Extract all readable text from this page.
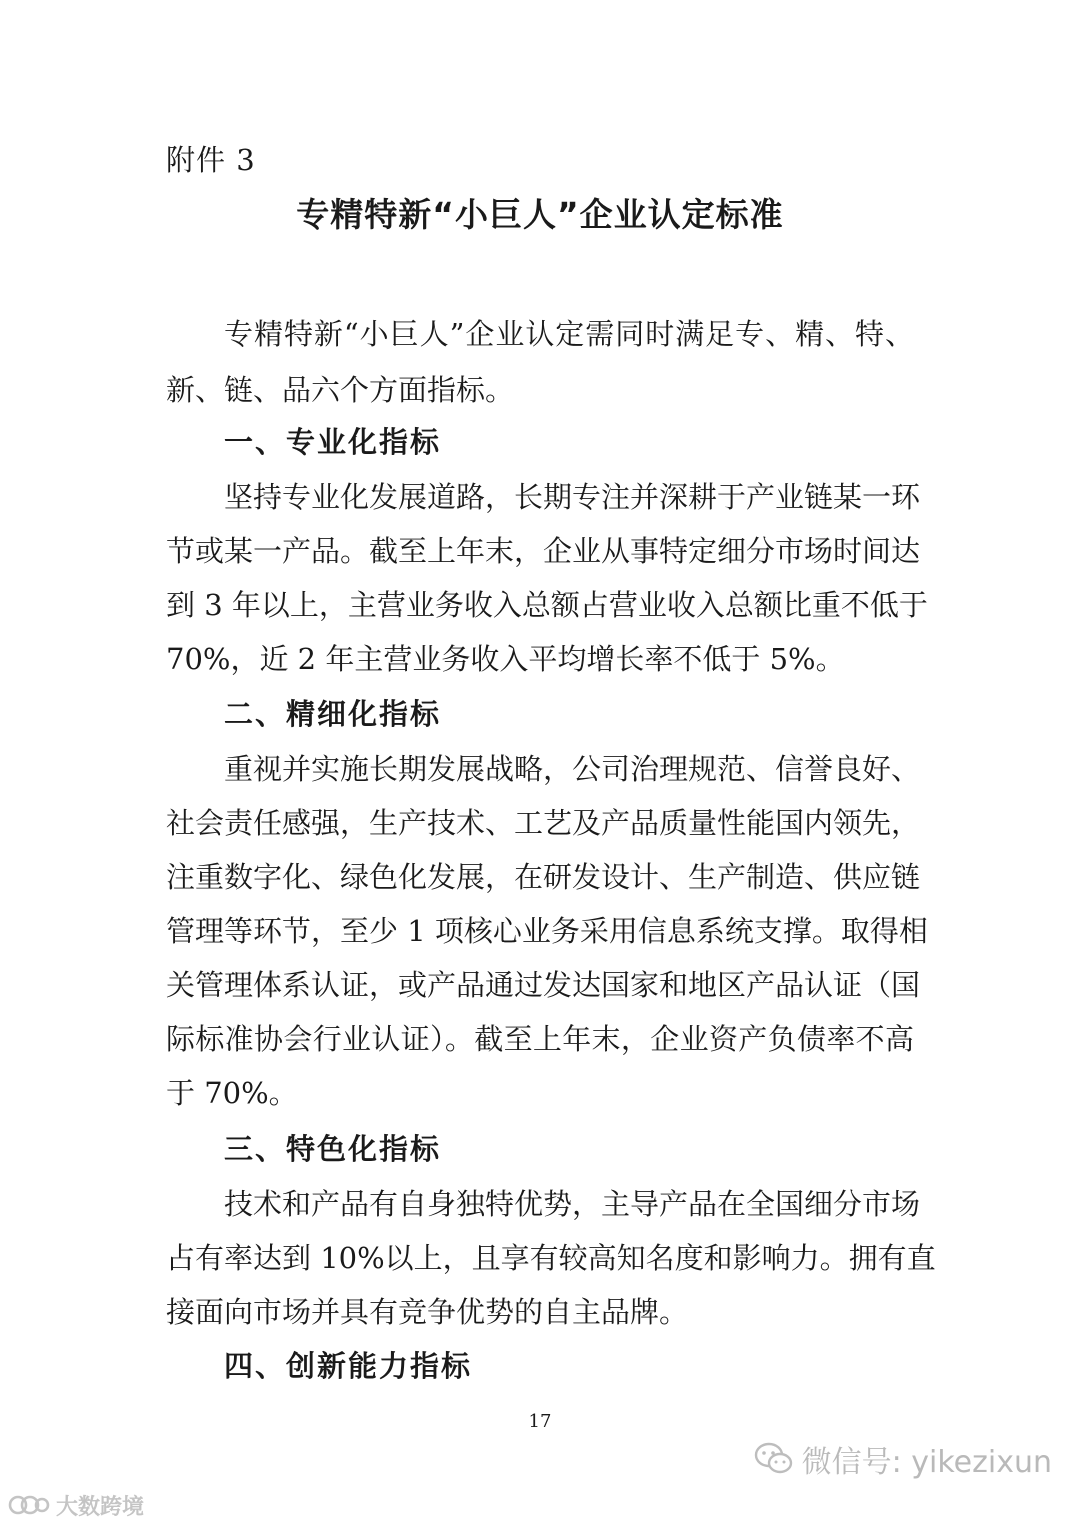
附件 3
专精特新“小巨人”企业认定标准
专精特新“小巨人”企业认定需同时满足专、精、特、
新、链、品六个方面指标。
一、专业化指标
坚持专业化发展道路，长期专注并深耕于产业链某一环
节或某一产品。截至上年末，企业从事特定细分市场时间达
到 3 年以上，主营业务收入总额占营业收入总额比重不低于
70%，近 2 年主营业务收入平均增长率不低于 5%。
二、精细化指标
重视并实施长期发展战略，公司治理规范、信誉良好、
社会责任感强，生产技术、工艺及产品质量性能国内领先，
注重数字化、绿色化发展，在研发设计、生产制造、供应链
管理等环节，至少 1 项核心业务采用信息系统支撑。取得相
关管理体系认证，或产品通过发达国家和地区产品认证（国
际标准协会行业认证）。截至上年末，企业资产负债率不高
于 70%。
三、特色化指标
技术和产品有自身独特优势，主导产品在全国细分市场
占有率达到 10%以上，且享有较高知名度和影响力。拥有直
接面向市场并具有竞争优势的自主品牌。
四、创新能力指标
17
微信号: yikezixun
大数跨境
